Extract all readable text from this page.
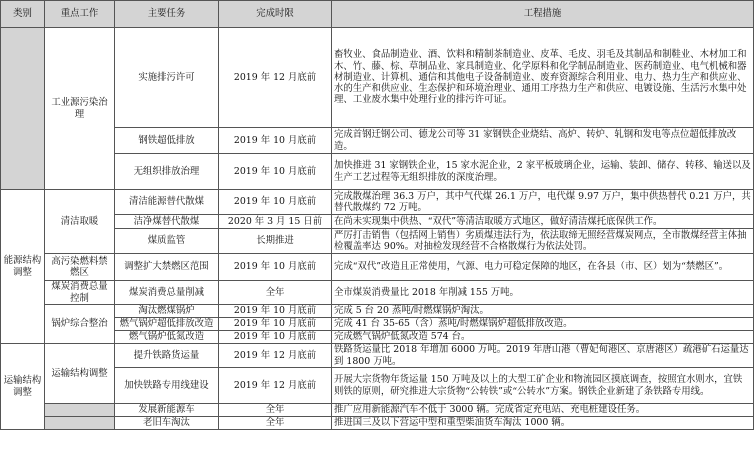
类别	重点工作	主要任务	完成时限	工程措施
	工业源污染治理	实施排污许可	2019 年 12 月底前	畜牧业、食品制造业、酒、饮料和精制茶制造业、皮革、毛皮、羽毛及其制品和制鞋业、木材加工和木、竹、藤、棕、草制品业、家具制造业、化学原料和化学制品制造业、医药制造业、电气机械和器材制造业、计算机、通信和其他电子设备制造业、废弃资源综合利用业、电力、热力生产和供应业、水的生产和供应业、生态保护和环境治理业、通用工序热力生产和供应、电镀设施、生活污水集中处理、工业废水集中处理行业的排污许可证。
		钢铁超低排放	2019 年 10 月底前	完成首钢迁钢公司、德龙公司等 31 家钢铁企业烧结、高炉、转炉、轧钢和发电等点位超低排放改造。
		无组织排放治理	2019 年 10 月底前	加快推进 31 家钢铁企业，15 家水泥企业，2 家平板玻璃企业，运输、装卸、储存、转移、输送以及生产工艺过程等无组织排放的深度治理。
能源结构调整	清洁取暖	清洁能源替代散煤	2019 年 10 月底前	完成散煤治理 36.3 万户，其中气代煤 26.1 万户，电代煤 9.97 万户，集中供热替代 0.21 万户，共替代散煤约 72 万吨。
		洁净煤替代散煤	2020 年 3 月 15 日前	在尚未实现集中供热、“双代”等清洁取暖方式地区，做好清洁煤托底保供工作。
		煤质监管	长期推进	严厉打击销售（包括网上销售）劣质煤违法行为，依法取缔无照经营煤炭网点，全市散煤经营主体抽检覆盖率达 90%。对抽检发现经营不合格散煤行为依法处罚。
	高污染燃料禁燃区	调整扩大禁燃区范围	2019 年 10 月底前	完成“双代”改造且正常使用，气源、电力可稳定保障的地区，在各县（市、区）划为“禁燃区”。
	煤炭消费总量控制	煤炭消费总量削减	全年	全市煤炭消费量比 2018 年削减 155 万吨。
	锅炉综合整治	淘汰燃煤锅炉	2019 年 10 月底前	完成 5 台 20 蒸吨/时燃煤锅炉淘汰。
		燃气锅炉超低排放改造	2019 年 10 月底前	完成 41 台 35-65（含）蒸吨/时燃煤锅炉超低排放改造。
		燃气锅炉低氮改造	2019 年 10 月底前	完成燃气锅炉低氮改造 574 台。
运输结构调整	运输结构调整	提升铁路货运量	2019 年 12 月底前	铁路货运量比 2018 年增加 6000 万吨。2019 年唐山港（曹妃甸港区、京唐港区）疏港矿石运量达到 1800 万吨。
		加快铁路专用线建设	2019 年 12 月底前	开展大宗货物年货运量 150 万吨及以上的大型工矿企业和物流园区摸底调查，按照宜水则水，宜铁则铁的原则，研究推进大宗货物“公转铁”或“公转水”方案。钢铁企业新建了条铁路专用线。
		发展新能源车	全年	推广应用新能源汽车不低于 3000 辆。完成省定充电站、充电桩建设任务。
		老旧车淘汰	全年	推进国三及以下营运中型和重型柴油货车淘汰 1000 辆。
